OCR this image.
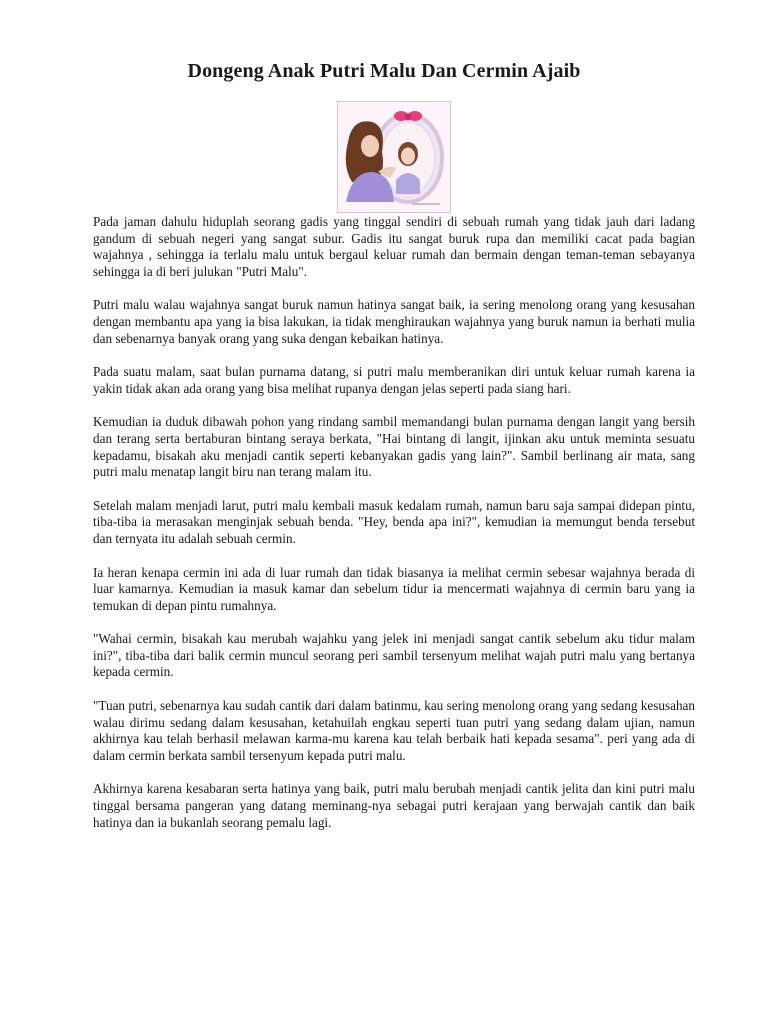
Dongeng Anak Putri Malu Dan Cermin Ajaib

Pada jaman dahulu hiduplah seorang gadis yang tinggal sendiri di sebuah rumah yang tidak jauh dari ladang gandum di sebuah negeri yang sangat subur. Gadis itu sangat buruk rupa dan memiliki cacat pada bagian wajahnya , sehingga ia terlalu malu untuk bergaul keluar rumah dan bermain dengan teman-teman sebayanya sehingga ia di beri julukan "Putri Malu".

Putri malu walau wajahnya sangat buruk namun hatinya sangat baik, ia sering menolong orang yang kesusahan dengan membantu apa yang ia bisa lakukan, ia tidak menghiraukan wajahnya yang buruk namun ia berhati mulia dan sebenarnya banyak orang yang suka dengan kebaikan hatinya.

Pada suatu malam, saat bulan purnama datang, si putri malu memberanikan diri untuk keluar rumah karena ia yakin tidak akan ada orang yang bisa melihat rupanya dengan jelas seperti pada siang hari.

Kemudian ia duduk dibawah pohon yang rindang sambil memandangi bulan purnama dengan langit yang bersih dan terang serta bertaburan bintang seraya berkata, "Hai bintang di langit, ijinkan aku untuk meminta sesuatu kepadamu, bisakah aku menjadi cantik seperti kebanyakan gadis yang lain?". Sambil berlinang air mata, sang putri malu menatap langit biru nan terang malam itu.

Setelah malam menjadi larut, putri malu kembali masuk kedalam rumah, namun baru saja sampai didepan pintu, tiba-tiba ia merasakan menginjak sebuah benda. "Hey, benda apa ini?", kemudian ia memungut benda tersebut dan ternyata itu adalah sebuah cermin.

Ia heran kenapa cermin ini ada di luar rumah dan tidak biasanya ia melihat cermin sebesar wajahnya berada di luar kamarnya. Kemudian ia masuk kamar dan sebelum tidur ia mencermati wajahnya di cermin baru yang ia temukan di depan pintu rumahnya.

"Wahai cermin, bisakah kau merubah wajahku yang jelek ini menjadi sangat cantik sebelum aku tidur malam ini?", tiba-tiba dari balik cermin muncul seorang peri sambil tersenyum melihat wajah putri malu yang bertanya kepada cermin.

"Tuan putri, sebenarnya kau sudah cantik dari dalam batinmu, kau sering menolong orang yang sedang kesusahan walau dirimu sedang dalam kesusahan, ketahuilah engkau seperti tuan putri yang sedang dalam ujian, namun akhirnya kau telah berhasil melawan karma-mu karena kau telah berbaik hati kepada sesama". peri yang ada di dalam cermin berkata sambil tersenyum kepada putri malu.

Akhirnya karena kesabaran serta hatinya yang baik, putri malu berubah menjadi cantik jelita dan kini putri malu tinggal bersama pangeran yang datang meminang-nya sebagai putri kerajaan yang berwajah cantik dan baik hatinya dan ia bukanlah seorang pemalu lagi.
